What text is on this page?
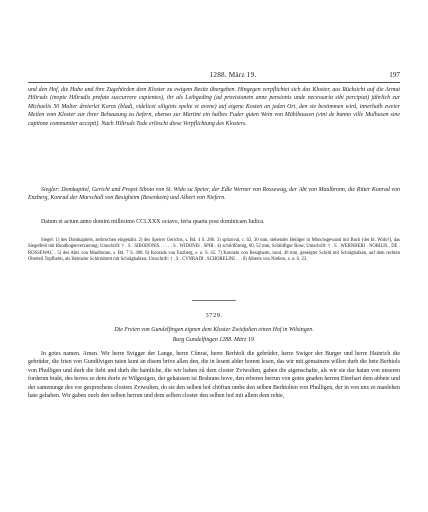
1288. März 19.	197
und den Hof, die Hube und ihre Zugehörden dem Kloster zu ewigem Besitz übergeben. Hingegen verpflichtet sich das Kloster, aus Rücksicht auf die Armut Hiltruds (inopie Hiltrudis prefate succurrere cupientes), ihr als Leibgeding (ad provisionem anne pensionis unde necessaria sibi percipiat) jährlich zur Michaelis 50 Malter dreierlei Korns (bladi, videlicet siliginis spelte et avene) auf eigene Kosten an jeden Ort, den sie bestimmen wird, innerhalb zweier Meilen vom Kloster zur ihrer Behausung zu liefern, ebenso zur Martini ein halbes Fuder guten Wein von Mühlhausen (vini de banno ville Mulhusen sine captione communiter accepti). Nach Hiltruds Tode erlöscht diese Verpflichtung des Klosters.
Siegler: Domkapitel, Gericht und Propst Siboto von St. Wido zu Speier, der Edle Werner von Rossewag, der Abt von Maulbronn, die Ritter Konrad von Enzberg, Konrad der Marschall von Besigheim (Besenkein) und Albert von Niefern.
Datum et actum anno domini millesimo CCLXXX octavo, feria quarta post dominicam Iudica.
Siegel: 1) des Domkapitels, zerbrochen eingenäht. 2) des Speirer Gerichts, s. Bd. 4 S. 286. 3) spitzoval, c. 62, 30 mm, stehender Heiliger in Mönchsgewand mit Buch (der hl. Wido?), das Siegelfeld mit Rundbogenverzierung; Umschrift: † . S . SIBODONIS . . . . . S . WIDONIS . SPIR . 4) schildförmig, 60, 52 mm, Schildfigur Rose; Umschrift: † . S . WERNHERI . NOBILIS . DE . ROSSEWAC . 5) des Abts von Maulbronn, s. Bd. 7 S. 498. 6) Konrads von Enzberg, s. o. S. 45. 7) Konrads von Besigheim, rund, 46 mm, geneigter Schild mit Schrägbalken, auf dem rechten Oberteil Topfhelm, als Helmzier Schirmbrett mit Schrägbalken; Umschrift: † . S . CVNRADI . SCHORELINI . . . 8) Alberts von Niefern, s. o. S. 23.
3729.
Die Freien von Gundelfingen eignen dem Kloster Zwiefalten einen Hof in Wilsingen.
Burg Gundelfingen 1288. März 19.
In gotes namen. Amen. Wir herre Svigger der Lange, herre Cůnrat, herre Berhtolt die gebrůder, herre Swiger der Burger und herre Hainrich die gebrůder, die frien von Gundilvigen tuien kunt an disem brive allen den, die in lesent alder horent lesen, das wir mit gemainem willen durh die bete Berhtols von Phulligen und durh die liebi und durh die hainliche, die wir haben zů dem closter Zviwulten, gaben die aigenschafte, als wir sie dar hatan von unseren forderun braht, des hoves ze dem dorfe ze Wilgesigen, der gehaissen ist Brabrans hove, den erberen herrun von gotes gnaden herren Eberhart dem abbete und der samenunge des vor gesprochens closters Zviwulten, do sie den selben hof chöftun umbe den selben Berhtolten von Phulligen, der in von uns ze manlehen hate gehaben. Wir gaben ouch den selben herrun und dem selben closter den selben hof mit allem dem rehte,
